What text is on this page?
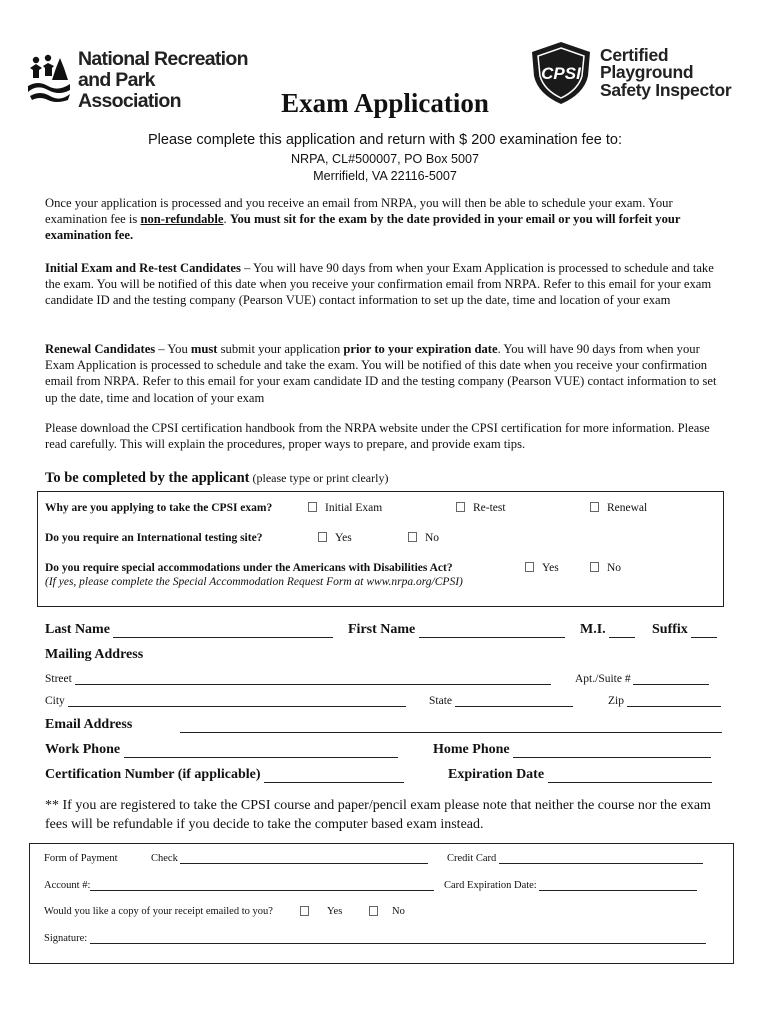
National Recreation
and Park Association
CPSI
Certified
Playground
Safety Inspector
Exam Application
Please complete this application and return with $ 200 examination fee to:
NRPA, CL#500007, PO Box 5007
Merrifield, VA 22116-5007
Once your application is processed and you receive an email from NRPA, you will then be able to schedule your exam. Your examination fee is non-refundable. You must sit for the exam by the date provided in your email or you will forfeit your examination fee.
Initial Exam and Re-test Candidates – You will have 90 days from when your Exam Application is processed to schedule and take the exam. You will be notified of this date when you receive your confirmation email from NRPA. Refer to this email for your exam candidate ID and the testing company (Pearson VUE) contact information to set up the date, time and location of your exam
Renewal Candidates – You must submit your application prior to your expiration date. You will have 90 days from when your Exam Application is processed to schedule and take the exam. You will be notified of this date when you receive your confirmation email from NRPA. Refer to this email for your exam candidate ID and the testing company (Pearson VUE) contact information to set up the date, time and location of your exam
Please download the CPSI certification handbook from the NRPA website under the CPSI certification for more information. Please read carefully. This will explain the procedures, proper ways to prepare, and provide exam tips.
To be completed by the applicant (please type or print clearly)
Why are you applying to take the CPSI exam?	Initial Exam	Re-test	Renewal
Do you require an International testing site?	Yes	No
Do you require special accommodations under the Americans with Disabilities Act?	Yes	No
(If yes, please complete the Special Accommodation Request Form at www.nrpa.org/CPSI)
Last Name	First Name	M.I.	Suffix
Mailing Address
Street	Apt./Suite #
City	State	Zip
Email Address
Work Phone	Home Phone
Certification Number (if applicable)	Expiration Date
** If you are registered to take the CPSI course and paper/pencil exam please note that neither the course nor the exam fees will be refundable if you decide to take the computer based exam instead.
Form of Payment	Check	Credit Card
Account #:	Card Expiration Date:
Would you like a copy of your receipt emailed to you?	Yes	No
Signature:
